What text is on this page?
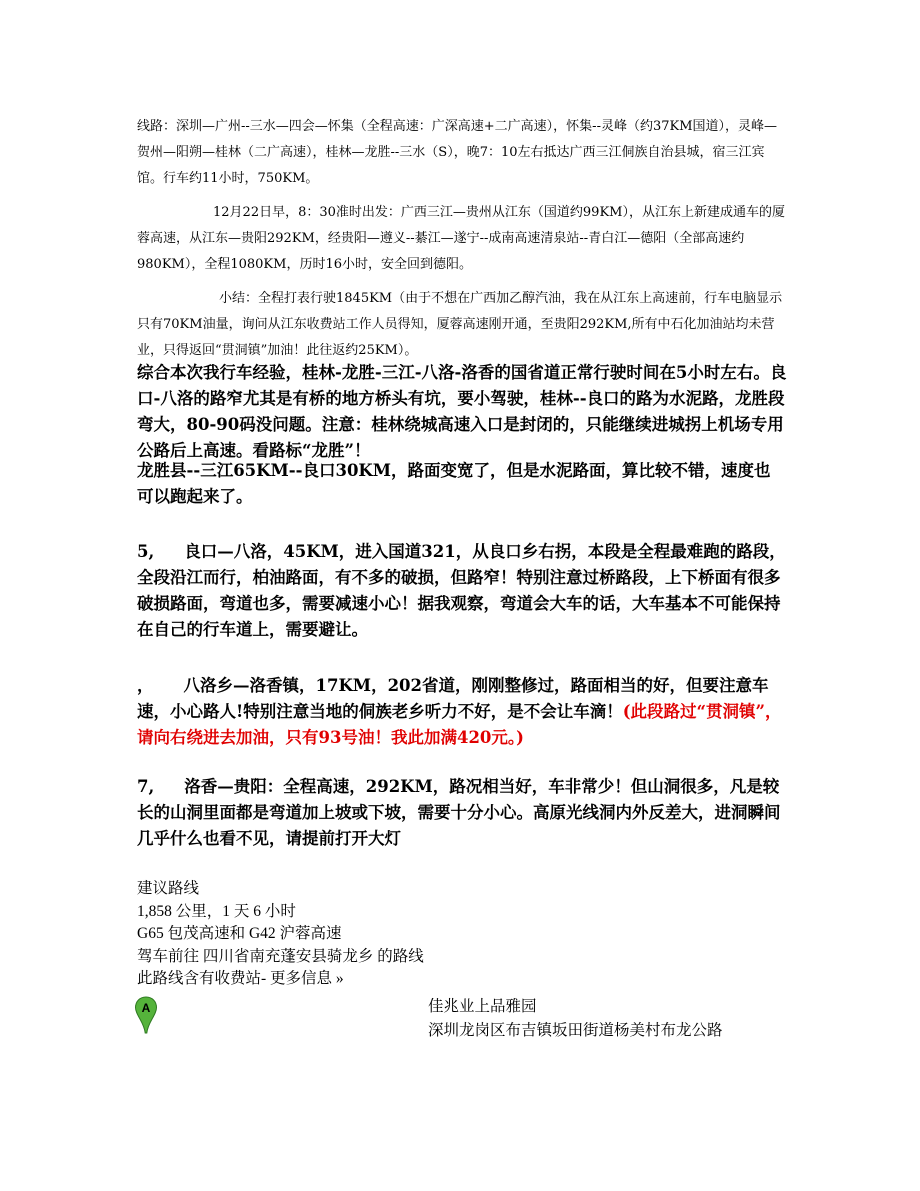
线路：深圳—广州--三水—四会—怀集（全程高速：广深高速+二广高速），怀集--灵峰（约37KM国道），灵峰—贺州—阳朔—桂林（二广高速），桂林—龙胜--三水（S），晚7：10左右抵达广西三江侗族自治县城，宿三江宾馆。行车约11小时，750KM。

12月22日早，8：30准时出发：广西三江—贵州从江东（国道约99KM），从江东上新建成通车的厦蓉高速，从江东—贵阳292KM，经贵阳—遵义--綦江—遂宁--成南高速清泉站--青白江—德阳（全部高速约980KM），全程1080KM，历时16小时，安全回到德阳。

小结：全程打表行驶1845KM（由于不想在广西加乙醇汽油，我在从江东上高速前，行车电脑显示只有70KM油量，询问从江东收费站工作人员得知，厦蓉高速刚开通，至贵阳292KM,所有中石化加油站均未营业，只得返回“贯洞镇”加油！此往返约25KM）。

综合本次我行车经验，桂林-龙胜-三江-八洛-洛香的国省道正常行驶时间在5小时左右。良口-八洛的路窄尤其是有桥的地方桥头有坑，要小驾驶，桂林--良口的路为水泥路，龙胜段弯大，80-90码没问题。注意：桂林绕城高速入口是封闭的，只能继续进城拐上机场专用公路后上高速。看路标“龙胜”！

龙胜县--三江65KM--良口30KM，路面变宽了，但是水泥路面，算比较不错，速度也可以跑起来了。

5, 良口—八洛，45KM，进入国道321，从良口乡右拐，本段是全程最难跑的路段，全段沿江而行，柏油路面，有不多的破损，但路窄！特别注意过桥路段，上下桥面有很多破损路面，弯道也多，需要减速小心！据我观察，弯道会大车的话，大车基本不可能保持在自己的行车道上，需要避让。

， 八洛乡—洛香镇，17KM，202省道，刚刚整修过，路面相当的好，但要注意车速，小心路人!特别注意当地的侗族老乡听力不好，是不会让车滴！(此段路过“贯洞镇”，请向右绕进去加油，只有93号油！我此加满420元。)

7, 洛香—贵阳：全程高速，292KM，路况相当好，车非常少！但山洞很多，凡是较长的山洞里面都是弯道加上坡或下坡，需要十分小心。高原光线洞内外反差大，进洞瞬间几乎什么也看不见，请提前打开大灯

建议路线
1,858 公里，1 天 6 小时
G65 包茂高速和 G42 沪蓉高速
驾车前往 四川省南充蓬安县骑龙乡 的路线
此路线含有收费站- 更多信息 »
A	佳兆业上品雅园
深圳龙岗区布吉镇坂田街道杨美村布龙公路
